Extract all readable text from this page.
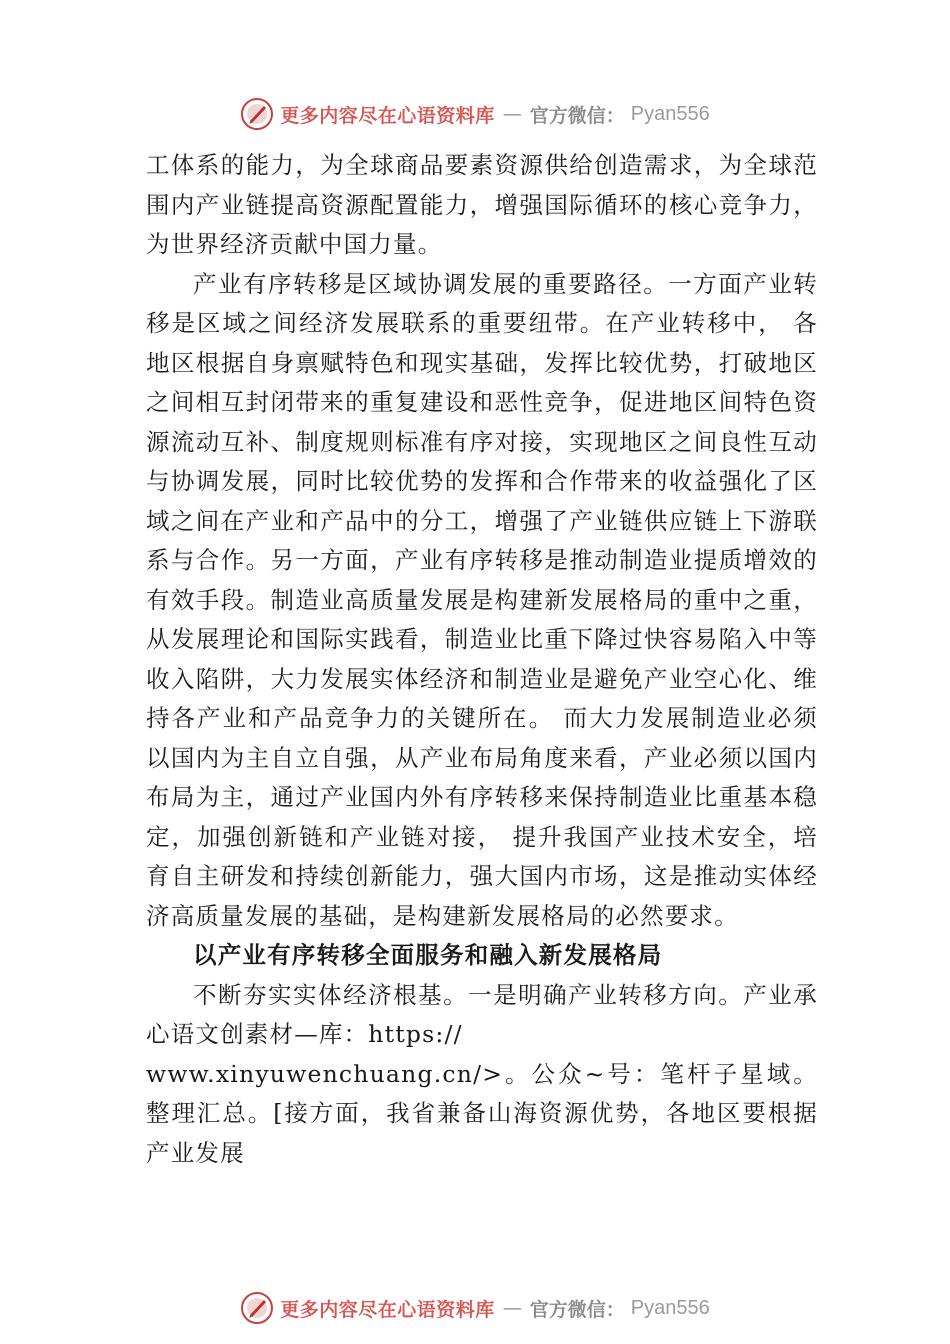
更多内容尽在心语资料库 — 官方微信： Pyan556

工体系的能力，为全球商品要素资源供给创造需求，为全球范围内产业链提高资源配置能力，增强国际循环的核心竞争力，为世界经济贡献中国力量。

产业有序转移是区域协调发展的重要路径。一方面产业转移是区域之间经济发展联系的重要纽带。在产业转移中， 各地区根据自身禀赋特色和现实基础，发挥比较优势，打破地区之间相互封闭带来的重复建设和恶性竞争，促进地区间特色资源流动互补、制度规则标准有序对接，实现地区之间良性互动与协调发展，同时比较优势的发挥和合作带来的收益强化了区域之间在产业和产品中的分工，增强了产业链供应链上下游联系与合作。另一方面，产业有序转移是推动制造业提质增效的有效手段。制造业高质量发展是构建新发展格局的重中之重，从发展理论和国际实践看，制造业比重下降过快容易陷入中等收入陷阱，大力发展实体经济和制造业是避免产业空心化、维持各产业和产品竞争力的关键所在。 而大力发展制造业必须以国内为主自立自强，从产业布局角度来看，产业必须以国内布局为主，通过产业国内外有序转移来保持制造业比重基本稳定，加强创新链和产业链对接， 提升我国产业技术安全，培育自主研发和持续创新能力，强大国内市场，这是推动实体经济高质量发展的基础，是构建新发展格局的必然要求。

以产业有序转移全面服务和融入新发展格局

不断夯实实体经济根基。一是明确产业转移方向。产业承心语文创素材—库：https://

www.xinyuwenchuang.cn/>。公众~号：笔杆子星域。整理汇总。[接方面，我省兼备山海资源优势，各地区要根据产业发展

更多内容尽在心语资料库 — 官方微信： Pyan556
